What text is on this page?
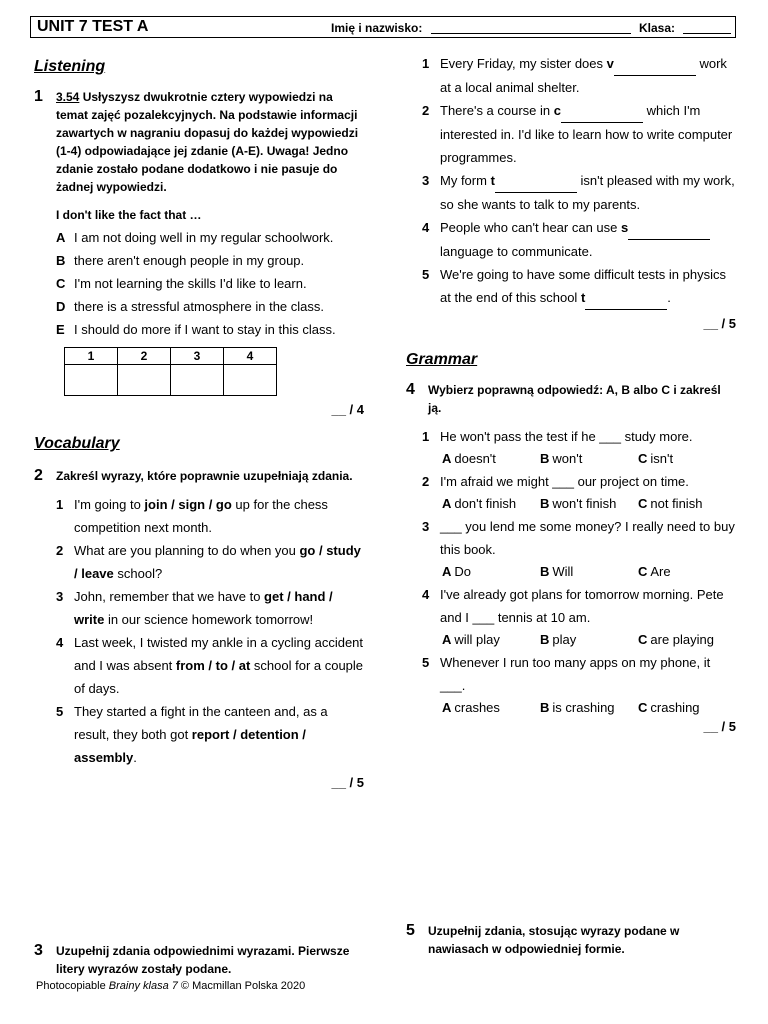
UNIT 7 TEST A	Imię i nazwisko:	Klasa:

Listening

1	3.54 Usłyszysz dwukrotnie cztery wypowiedzi na temat zajęć pozalekcyjnych. Na podstawie informacji zawartych w nagraniu dopasuj do każdej wypowiedzi (1-4) odpowiadające jej zdanie (A-E). Uwaga! Jedno zdanie zostało podane dodatkowo i nie pasuje do żadnej wypowiedzi.
I don't like the fact that …
A I am not doing well in my regular schoolwork.
B there aren't enough people in my group.
C I'm not learning the skills I'd like to learn.
D there is a stressful atmosphere in the class.
E I should do more if I want to stay in this class.
1	2	3	4

__ / 4

Vocabulary

2	Zakreśl wyrazy, które poprawnie uzupełniają zdania.
1 I'm going to join / sign / go up for the chess competition next month.
2 What are you planning to do when you go / study / leave school?
3 John, remember that we have to get / hand / write in our science homework tomorrow!
4 Last week, I twisted my ankle in a cycling accident and I was absent from / to / at school for a couple of days.
5 They started a fight in the canteen and, as a result, they both got report / detention / assembly.
__ / 5
3	Uzupełnij zdania odpowiednimi wyrazami. Pierwsze litery wyrazów zostały podane.
1 Every Friday, my sister does v	work at a local animal shelter.
2 There's a course in c	which I'm interested in. I'd like to learn how to write computer programmes.
3 My form t	isn't pleased with my work, so she wants to talk to my parents.
4 People who can't hear can use s  language to communicate.
5 We're going to have some difficult tests in physics at the end of this school t	.
__ / 5

Grammar

4	Wybierz poprawną odpowiedź: A, B albo C i zakreśl ją.
1 He won't pass the test if he ___ study more.
A doesn't	B won't	C isn't
2 I'm afraid we might ___ our project on time.
A don't finish	B won't finish	C not finish
3 ___ you lend me some money? I really need to buy this book.
A Do	B Will	C Are
4 I've already got plans for tomorrow morning. Pete and I ___ tennis at 10 am.
A will play	B play	C are playing
5 Whenever I run too many apps on my phone, it ___.
A crashes	B is crashing	C crashing
__ / 5
5	Uzupełnij zdania, stosując wyrazy podane w nawiasach w odpowiedniej formie.
Photocopiable Brainy klasa 7 © Macmillan Polska 2020
